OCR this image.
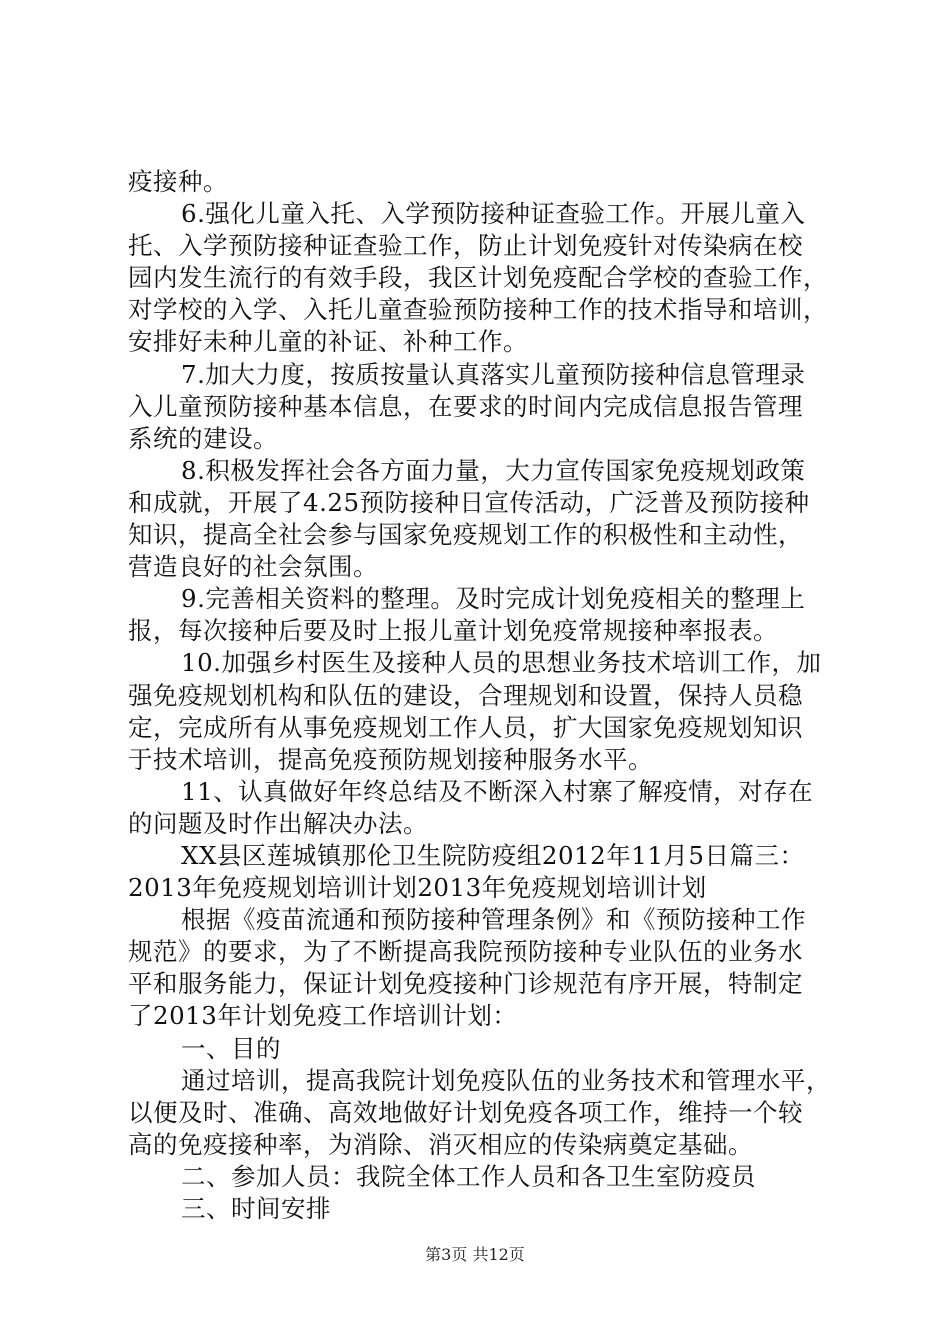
疫接种。
6.强化儿童入托、入学预防接种证查验工作。开展儿童入
托、入学预防接种证查验工作，防止计划免疫针对传染病在校
园内发生流行的有效手段，我区计划免疫配合学校的查验工作，
对学校的入学、入托儿童查验预防接种工作的技术指导和培训，
安排好未种儿童的补证、补种工作。
7.加大力度，按质按量认真落实儿童预防接种信息管理录
入儿童预防接种基本信息，在要求的时间内完成信息报告管理
系统的建设。
8.积极发挥社会各方面力量，大力宣传国家免疫规划政策
和成就，开展了4.25预防接种日宣传活动，广泛普及预防接种
知识，提高全社会参与国家免疫规划工作的积极性和主动性，
营造良好的社会氛围。
9.完善相关资料的整理。及时完成计划免疫相关的整理上
报，每次接种后要及时上报儿童计划免疫常规接种率报表。
10.加强乡村医生及接种人员的思想业务技术培训工作，加
强免疫规划机构和队伍的建设，合理规划和设置，保持人员稳
定，完成所有从事免疫规划工作人员，扩大国家免疫规划知识
于技术培训，提高免疫预防规划接种服务水平。
11、认真做好年终总结及不断深入村寨了解疫情，对存在
的问题及时作出解决办法。
XX县区莲城镇那伦卫生院防疫组2012年11月5日篇三：
2013年免疫规划培训计划2013年免疫规划培训计划
根据《疫苗流通和预防接种管理条例》和《预防接种工作
规范》的要求，为了不断提高我院预防接种专业队伍的业务水
平和服务能力，保证计划免疫接种门诊规范有序开展，特制定
了2013年计划免疫工作培训计划：
一、目的
通过培训，提高我院计划免疫队伍的业务技术和管理水平，
以便及时、准确、高效地做好计划免疫各项工作，维持一个较
高的免疫接种率，为消除、消灭相应的传染病奠定基础。
二、参加人员：我院全体工作人员和各卫生室防疫员
三、时间安排
第3页 共12页
